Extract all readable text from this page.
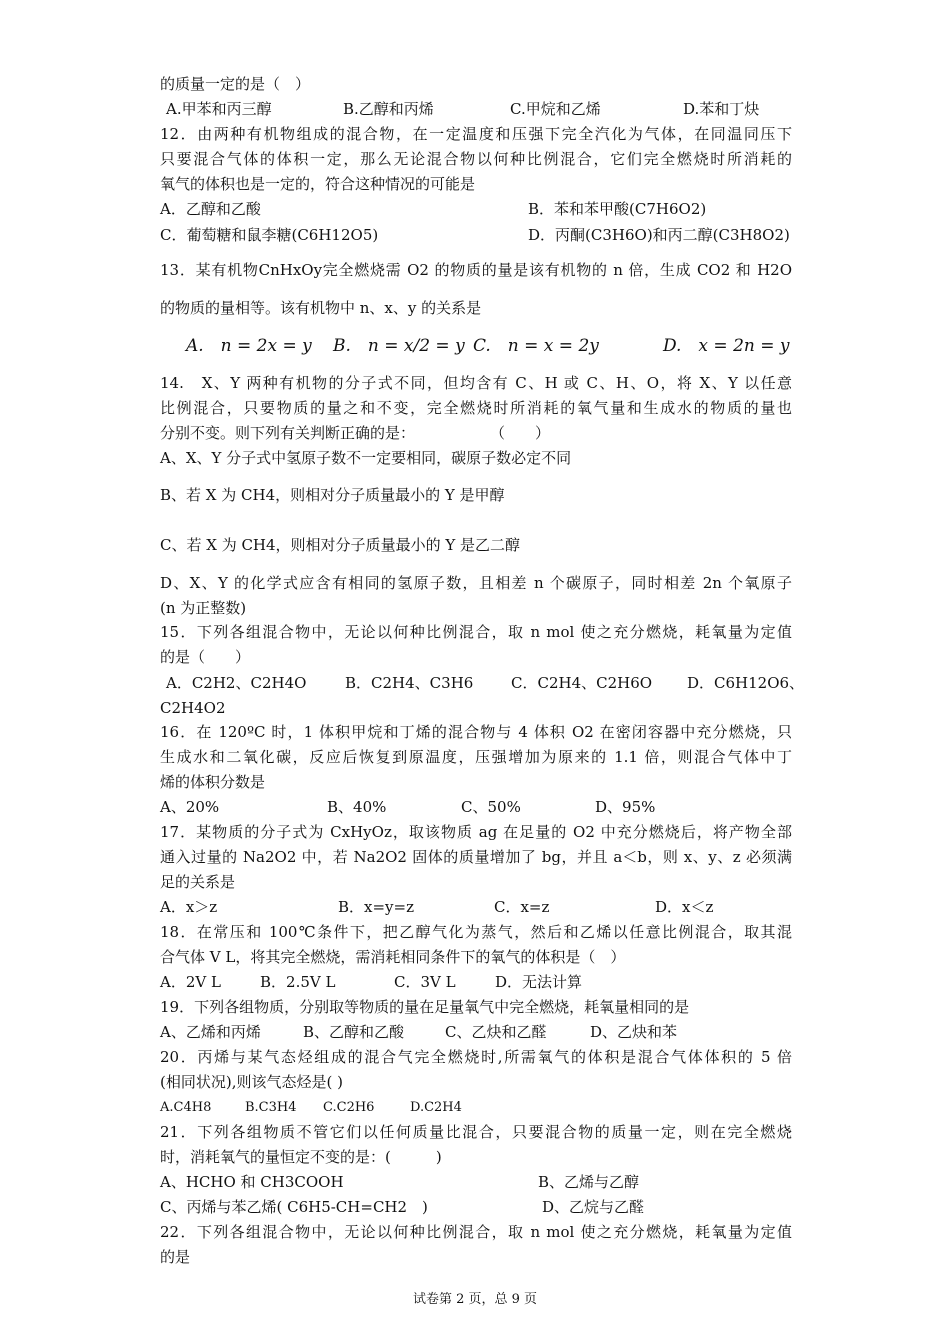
的质量一定的是（　）
A.甲苯和丙三醇	B.乙醇和丙烯	C.甲烷和乙烯	D.苯和丁炔
12．由两种有机物组成的混合物，在一定温度和压强下完全汽化为气体，在同温同压下
只要混合气体的体积一定，那么无论混合物以何种比例混合，它们完全燃烧时所消耗的
氧气的体积也是一定的，符合这种情况的可能是
A．乙醇和乙酸	B．苯和苯甲酸(C7H6O2)
C．葡萄糖和鼠李糖(C6H12O5)	D．丙酮(C3H6O)和丙二醇(C3H8O2)
13．某有机物CnHxOy完全燃烧需 O2 的物质的量是该有机物的 n 倍，生成 CO2 和 H2O
的物质的量相等。该有机物中 n、x、y 的关系是
A.　n = 2x = y B.　n = x/2 = y C.　n = x = 2y	D.　x = 2n = y
14.　X、Y 两种有机物的分子式不同，但均含有 C、H 或 C、H、O，将 X、Y 以任意
比例混合，只要物质的量之和不变，完全燃烧时所消耗的氧气量和生成水的物质的量也
分别不变。则下列有关判断正确的是：　　　　　　（　　）
A、X、Y 分子式中氢原子数不一定要相同，碳原子数必定不同
B、若 X 为 CH4，则相对分子质量最小的 Y 是甲醇
C、若 X 为 CH4，则相对分子质量最小的 Y 是乙二醇
D、X、Y 的化学式应含有相同的氢原子数，且相差 n 个碳原子，同时相差 2n 个氧原子
(n 为正整数)
15．下列各组混合物中，无论以何种比例混合，取 n mol 使之充分燃烧，耗氧量为定值
的是（　　）
A．C2H2、C2H4O	B．C2H4、C3H6	C．C2H4、C2H6O D．C6H12O6、
C2H4O2
16．在 120ºC 时，1 体积甲烷和丁烯的混合物与 4 体积 O2 在密闭容器中充分燃烧，只
生成水和二氧化碳，反应后恢复到原温度，压强增加为原来的 1.1 倍，则混合气体中丁
烯的体积分数是
A、20%	B、40%	C、50%	D、95%
17．某物质的分子式为 CxHyOz，取该物质 ag 在足量的 O2 中充分燃烧后，将产物全部
通入过量的 Na2O2 中，若 Na2O2 固体的质量增加了 bg，并且 a＜b，则 x、y、z 必须满
足的关系是
A．x＞z	B．x=y=z	C．x=z	D．x＜z
18．在常压和 100℃条件下，把乙醇气化为蒸气，然后和乙烯以任意比例混合，取其混
合气体 V L，将其完全燃烧，需消耗相同条件下的氧气的体积是（　）
A．2V L	B．2.5V L	C．3V L	D．无法计算
19．下列各组物质，分别取等物质的量在足量氧气中完全燃烧，耗氧量相同的是
A、乙烯和丙烯	B、乙醇和乙酸	C、乙炔和乙醛	D、乙炔和苯
20．丙烯与某气态烃组成的混合气完全燃烧时,所需氧气的体积是混合气体体积的 5 倍
(相同状况),则该气态烃是( )
A.C4H8	B.C3H4 C.C2H6	D.C2H4
21．下列各组物质不管它们以任何质量比混合，只要混合物的质量一定，则在完全燃烧
时，消耗氧气的量恒定不变的是：(　　　)
A、HCHO 和 CH3COOH	B、乙烯与乙醇
C、丙烯与苯乙烯( C6H5-CH=CH2　)	D、乙烷与乙醛
22．下列各组混合物中，无论以何种比例混合，取 n mol 使之充分燃烧，耗氧量为定值
的是
试卷第 2 页，总 9 页
